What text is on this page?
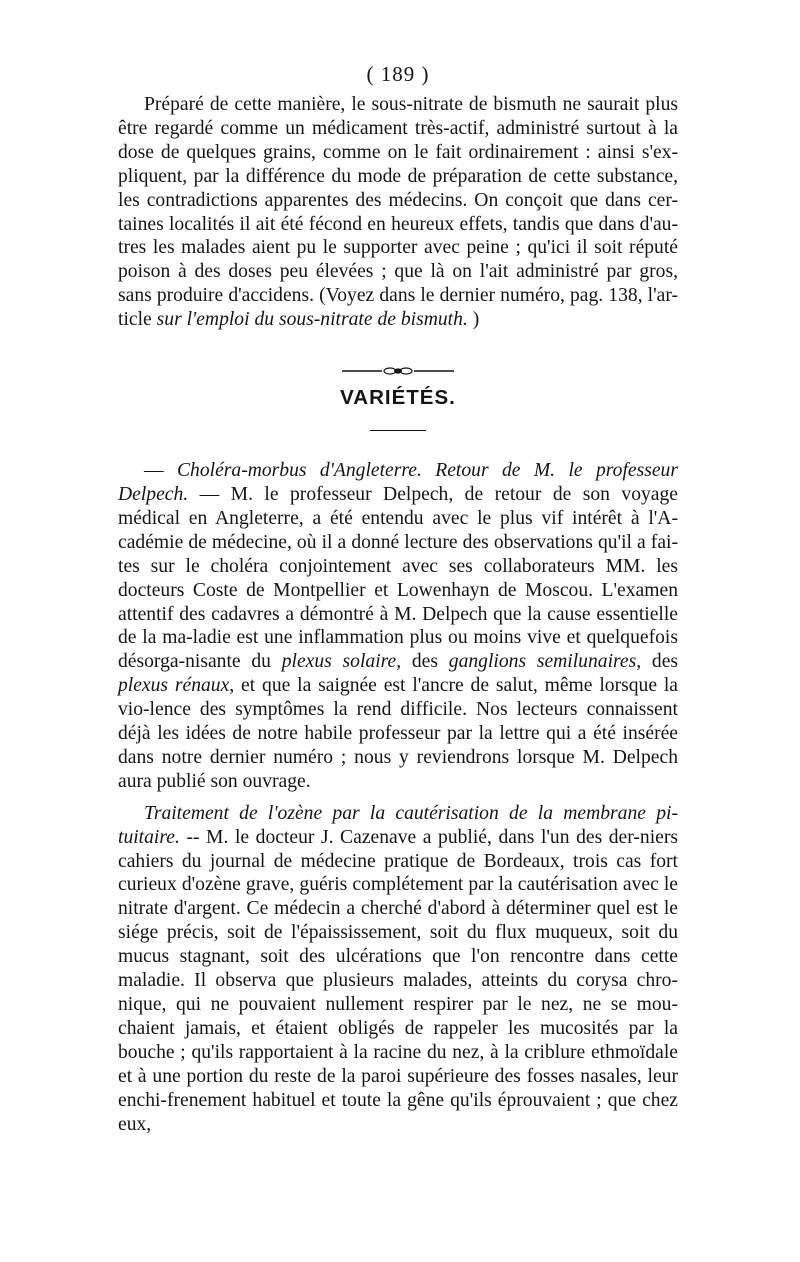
( 189 )

Préparé de cette manière, le sous-nitrate de bismuth ne saurait plus être regardé comme un médicament très-actif, administré surtout à la dose de quelques grains, comme on le fait ordinairement : ainsi s'ex-pliquent, par la différence du mode de préparation de cette substance, les contradictions apparentes des médecins. On conçoit que dans cer-taines localités il ait été fécond en heureux effets, tandis que dans d'au-tres les malades aient pu le supporter avec peine ; qu'ici il soit réputé poison à des doses peu élevées ; que là on l'ait administré par gros, sans produire d'accidens. (Voyez dans le dernier numéro, pag. 138, l'ar-ticle sur l'emploi du sous-nitrate de bismuth. )

VARIÉTÉS.

— Choléra-morbus d'Angleterre. Retour de M. le professeur Delpech. — M. le professeur Delpech, de retour de son voyage médical en Angleterre, a été entendu avec le plus vif intérêt à l'A-cadémie de médecine, où il a donné lecture des observations qu'il a fai-tes sur le choléra conjointement avec ses collaborateurs MM. les docteurs Coste de Montpellier et Lowenhayn de Moscou. L'examen attentif des cadavres a démontré à M. Delpech que la cause essentielle de la ma-ladie est une inflammation plus ou moins vive et quelquefois désorga-nisante du plexus solaire, des ganglions semilunaires, des plexus rénaux, et que la saignée est l'ancre de salut, même lorsque la vio-lence des symptômes la rend difficile. Nos lecteurs connaissent déjà les idées de notre habile professeur par la lettre qui a été insérée dans notre dernier numéro ; nous y reviendrons lorsque M. Delpech aura publié son ouvrage.

Traitement de l'ozène par la cautérisation de la membrane pi-tuitaire. -- M. le docteur J. Cazenave a publié, dans l'un des der-niers cahiers du journal de médecine pratique de Bordeaux, trois cas fort curieux d'ozène grave, guéris complétement par la cautérisation avec le nitrate d'argent. Ce médecin a cherché d'abord à déterminer quel est le siége précis, soit de l'épaississement, soit du flux muqueux, soit du mucus stagnant, soit des ulcérations que l'on rencontre dans cette maladie. Il observa que plusieurs malades, atteints du corysa chro-nique, qui ne pouvaient nullement respirer par le nez, ne se mou-chaient jamais, et étaient obligés de rappeler les mucosités par la bouche ; qu'ils rapportaient à la racine du nez, à la criblure ethmoïdale et à une portion du reste de la paroi supérieure des fosses nasales, leur enchi-frenement habituel et toute la gêne qu'ils éprouvaient ; que chez eux,
